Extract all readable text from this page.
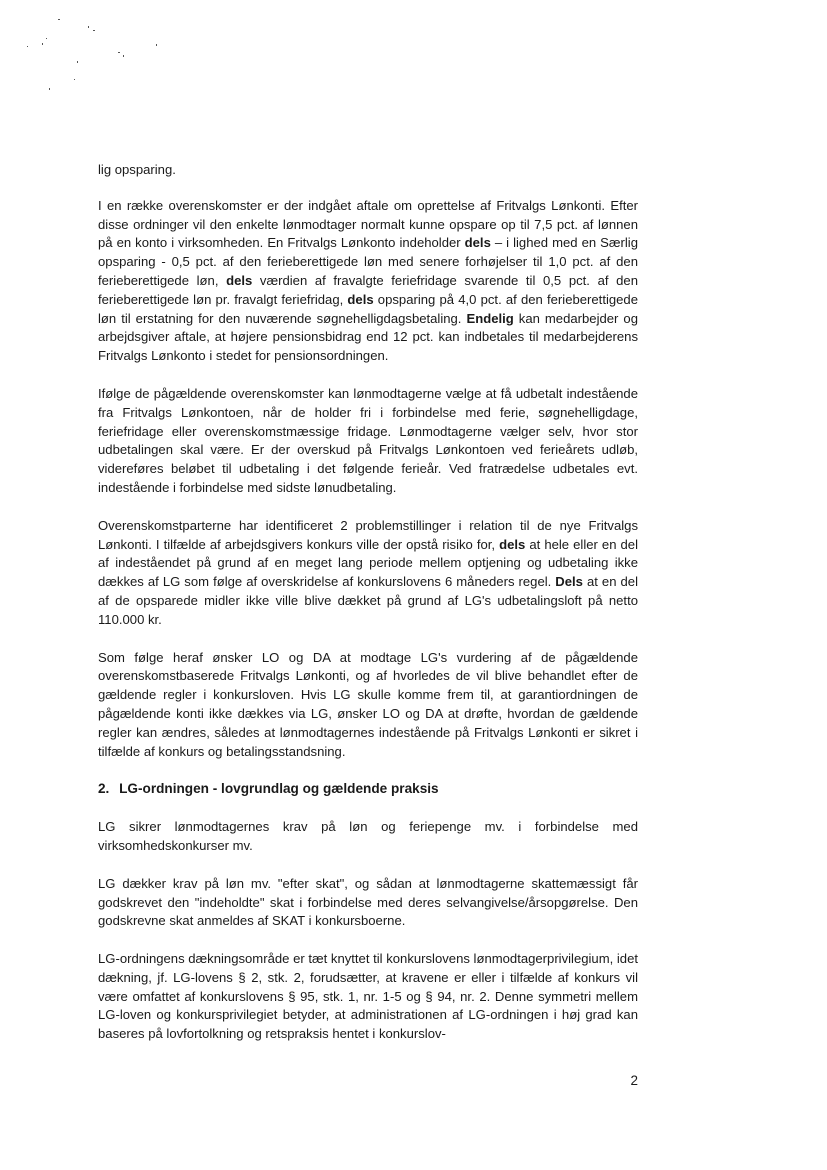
lig opsparing.

I en række overenskomster er der indgået aftale om oprettelse af Fritvalgs Lønkonti. Efter disse ordninger vil den enkelte lønmodtager normalt kunne opspare op til 7,5 pct. af lønnen på en konto i virksomheden. En Fritvalgs Lønkonto indeholder dels – i lighed med en Særlig opsparing - 0,5 pct. af den ferieberettigede løn med senere forhøjelser til 1,0 pct. af den ferieberettigede løn, dels værdien af fravalgte feriefridage svarende til 0,5 pct. af den ferieberettigede løn pr. fravalgt feriefridag, dels opsparing på 4,0 pct. af den ferieberettigede løn til erstatning for den nuværende søgnehelligdagsbetaling. Endelig kan medarbejder og arbejdsgiver aftale, at højere pensionsbidrag end 12 pct. kan indbetales til medarbejderens Fritvalgs Lønkonto i stedet for pensionsordningen.

Ifølge de pågældende overenskomster kan lønmodtagerne vælge at få udbetalt indestående fra Fritvalgs Lønkontoen, når de holder fri i forbindelse med ferie, søgnehelligdage, feriefridage eller overenskomstmæssige fridage. Lønmodtagerne vælger selv, hvor stor udbetalingen skal være. Er der overskud på Fritvalgs Lønkontoen ved ferieårets udløb, videreføres beløbet til udbetaling i det følgende ferieår. Ved fratrædelse udbetales evt. indestående i forbindelse med sidste lønudbetaling.

Overenskomstparterne har identificeret 2 problemstillinger i relation til de nye Fritvalgs Lønkonti. I tilfælde af arbejdsgivers konkurs ville der opstå risiko for, dels at hele eller en del af indeståendet på grund af en meget lang periode mellem optjening og udbetaling ikke dækkes af LG som følge af overskridelse af konkurslovens 6 måneders regel. Dels at en del af de opsparede midler ikke ville blive dækket på grund af LG's udbetalingsloft på netto 110.000 kr.

Som følge heraf ønsker LO og DA at modtage LG's vurdering af de pågældende overenskomstbaserede Fritvalgs Lønkonti, og af hvorledes de vil blive behandlet efter de gældende regler i konkursloven. Hvis LG skulle komme frem til, at garantiordningen de pågældende konti ikke dækkes via LG, ønsker LO og DA at drøfte, hvordan de gældende regler kan ændres, således at lønmodtagernes indestående på Fritvalgs Lønkonti er sikret i tilfælde af konkurs og betalingsstandsning.

2. LG-ordningen - lovgrundlag og gældende praksis

LG sikrer lønmodtagernes krav på løn og feriepenge mv. i forbindelse med virksomhedskonkurser mv.

LG dækker krav på løn mv. "efter skat", og sådan at lønmodtagerne skattemæssigt får godskrevet den "indeholdte" skat i forbindelse med deres selvangivelse/årsopgørelse. Den godskrevne skat anmeldes af SKAT i konkursboerne.

LG-ordningens dækningsområde er tæt knyttet til konkurslovens lønmodtagerprivilegium, idet dækning, jf. LG-lovens § 2, stk. 2, forudsætter, at kravene er eller i tilfælde af konkurs vil være omfattet af konkurslovens § 95, stk. 1, nr. 1-5 og § 94, nr. 2. Denne symmetri mellem LG-loven og konkursprivilegiet betyder, at administrationen af LG-ordningen i høj grad kan baseres på lovfortolkning og retspraksis hentet i konkurslov-

2
